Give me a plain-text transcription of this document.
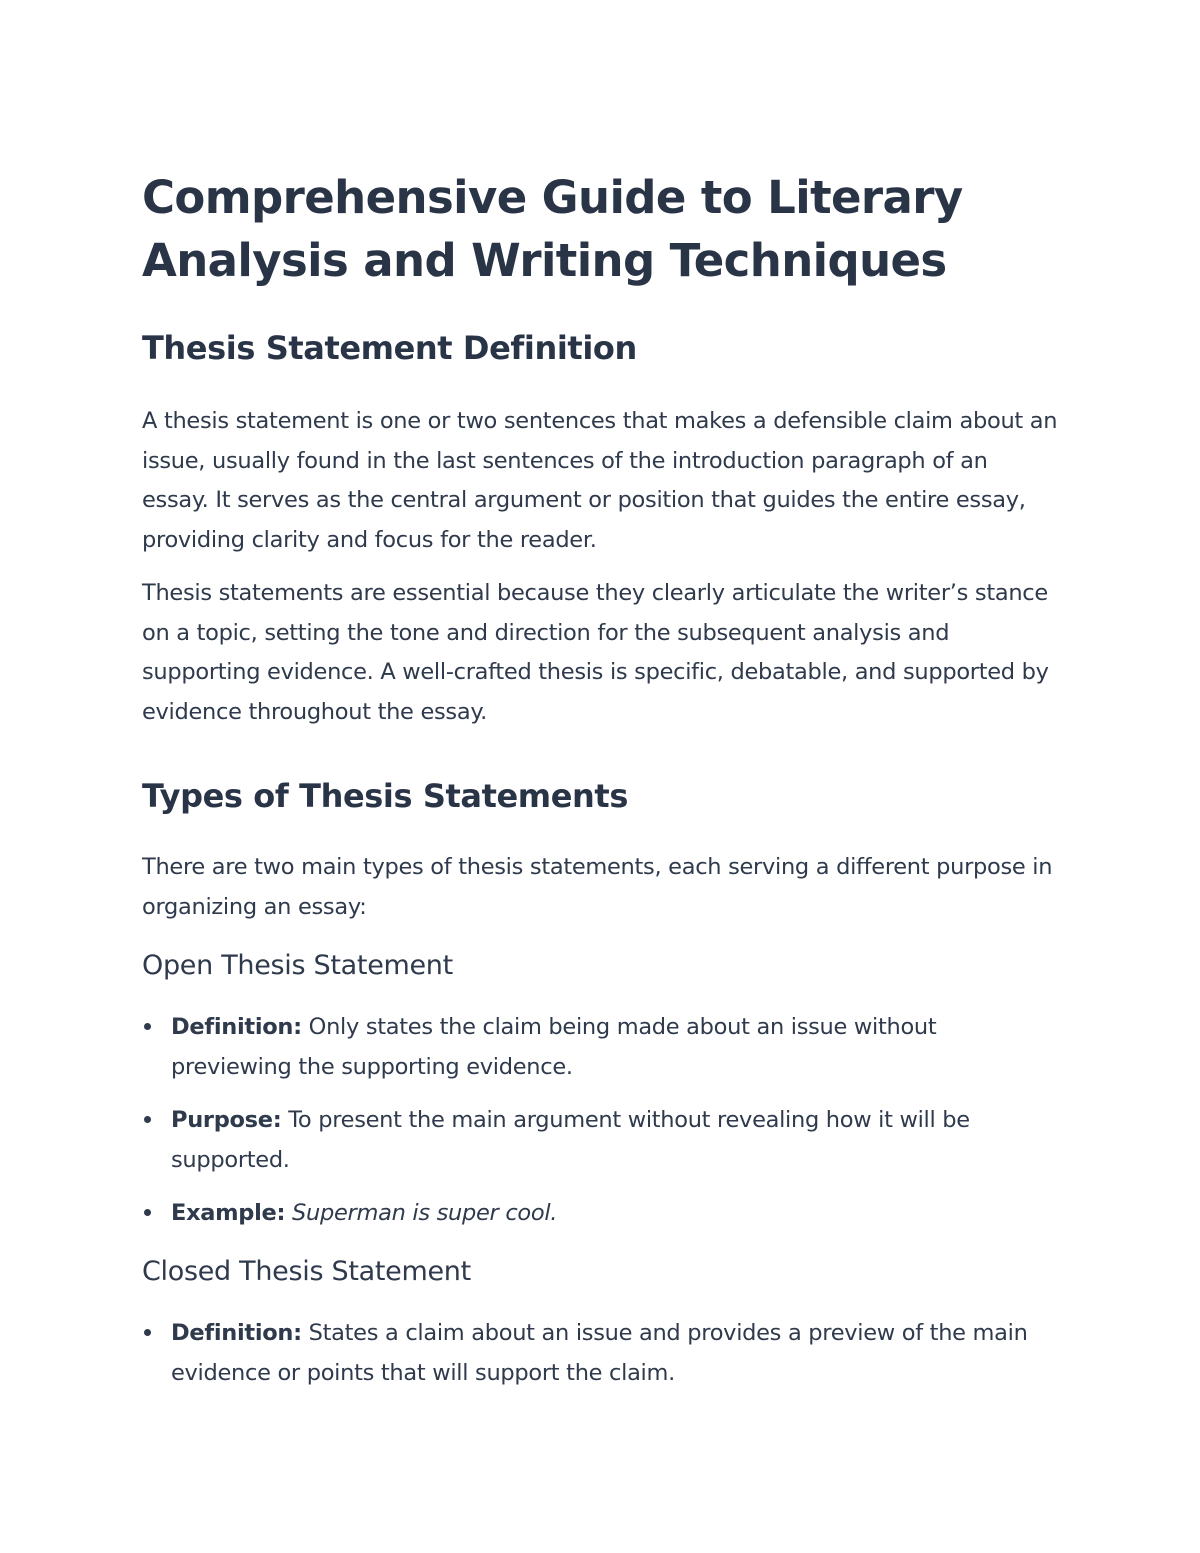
Comprehensive Guide to Literary Analysis and Writing Techniques
Thesis Statement Definition

A thesis statement is one or two sentences that makes a defensible claim about an issue, usually found in the last sentences of the introduction paragraph of an essay. It serves as the central argument or position that guides the entire essay, providing clarity and focus for the reader.

Thesis statements are essential because they clearly articulate the writer’s stance on a topic, setting the tone and direction for the subsequent analysis and supporting evidence. A well-crafted thesis is specific, debatable, and supported by evidence throughout the essay.

Types of Thesis Statements

There are two main types of thesis statements, each serving a different purpose in organizing an essay:

Open Thesis Statement
Definition: Only states the claim being made about an issue without previewing the supporting evidence.
Purpose: To present the main argument without revealing how it will be supported.
Example: Superman is super cool.
Closed Thesis Statement
Definition: States a claim about an issue and provides a preview of the main evidence or points that will support the claim.
